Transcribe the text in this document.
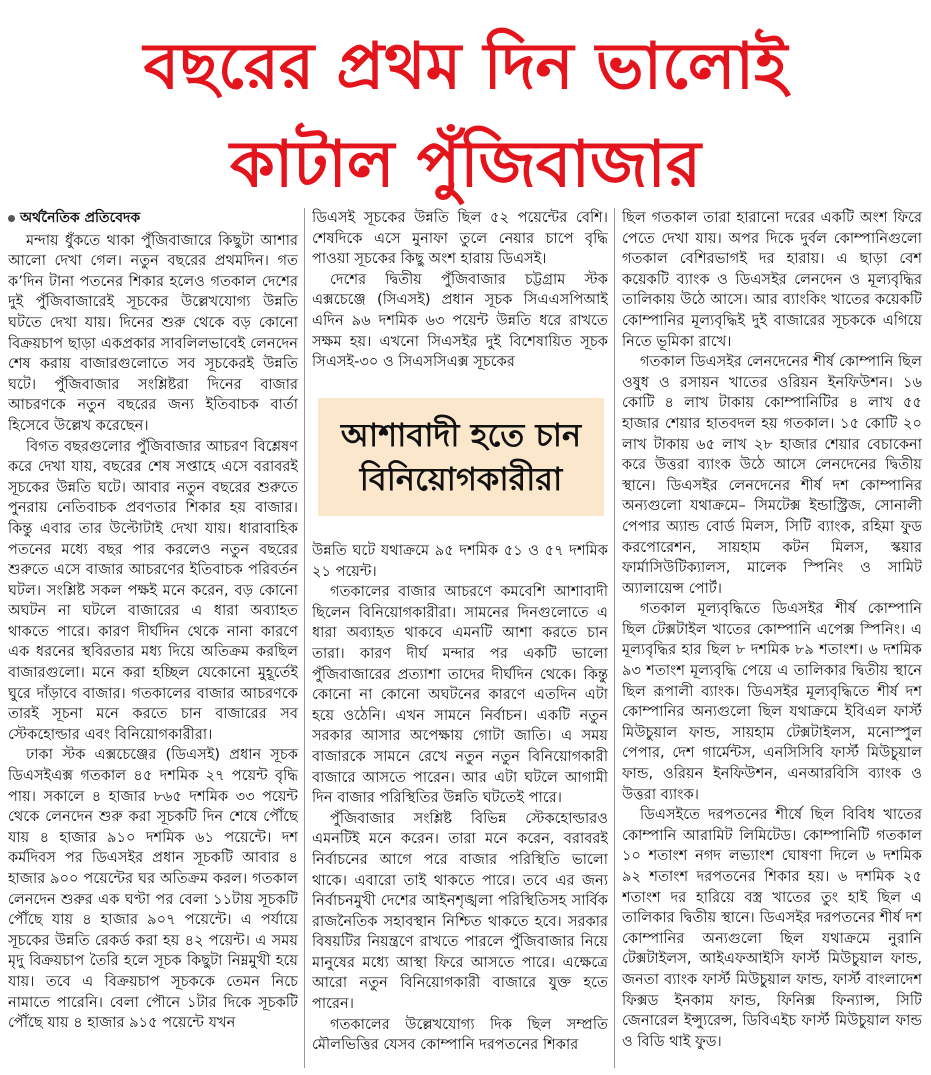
বছরের প্রথম দিন ভালোই
কাটাল পুঁজিবাজার
অর্থনৈতিক প্রতিবেদক

মন্দায় ধুঁকতে থাকা পুঁজিবাজারে কিছুটা আশার আলো দেখা গেল। নতুন বছরের প্রথমদিন। গত ক’দিন টানা পতনের শিকার হলেও গতকাল দেশের দুই পুঁজিবাজারেই সূচকের উল্লেখযোগ্য উন্নতি ঘটতে দেখা যায়। দিনের শুরু থেকে বড় কোনো বিক্রয়চাপ ছাড়া একপ্রকার সাবলিলভাবেই লেনদেন শেষ করায় বাজারগুলোতে সব সূচকেরই উন্নতি ঘটে। পুঁজিবাজার সংশ্লিষ্টরা দিনের বাজার আচরণকে নতুন বছরের জন্য ইতিবাচক বার্তা হিসেবে উল্লেখ করেছেন।

বিগত বছরগুলোর পুঁজিবাজার আচরণ বিশ্লেষণ করে দেখা যায়, বছরের শেষ সপ্তাহে এসে বরাবরই সূচকের উন্নতি ঘটে। আবার নতুন বছরের শুরুতে পুনরায় নেতিবাচক প্রবণতার শিকার হয় বাজার। কিন্তু এবার তার উল্টোটাই দেখা যায়। ধারাবাহিক পতনের মধ্যে বছর পার করলেও নতুন বছরের শুরুতে এসে বাজার আচরণের ইতিবাচক পরিবর্তন ঘটল। সংশ্লিষ্ট সকল পক্ষই মনে করেন, বড় কোনো অঘটন না ঘটলে বাজারের এ ধারা অব্যাহত থাকতে পারে। কারণ দীর্ঘদিন থেকে নানা কারণে এক ধরনের স্থবিরতার মধ্য দিয়ে অতিক্রম করছিল বাজারগুলো। মনে করা হচ্ছিল যেকোনো মুহূর্তেই ঘুরে দাঁড়াবে বাজার। গতকালের বাজার আচরণকে তারই সূচনা মনে করতে চান বাজারের সব স্টেকহোল্ডার এবং বিনিয়োগকারীরা।

ঢাকা স্টক এক্সচেঞ্জের (ডিএসই) প্রধান সূচক ডিএসইএক্স গতকাল ৪৫ দশমিক ২৭ পয়েন্ট বৃদ্ধি পায়। সকালে ৪ হাজার ৮৬৫ দশমিক ৩৩ পয়েন্ট থেকে লেনদেন শুরু করা সূচকটি দিন শেষে পৌঁছে যায় ৪ হাজার ৯১০ দশমিক ৬১ পয়েন্টে। দশ কর্মদিবস পর ডিএসইর প্রধান সূচকটি আবার ৪ হাজার ৯০০ পয়েন্টের ঘর অতিক্রম করল। গতকাল লেনদেন শুরুর এক ঘণ্টা পর বেলা ১১টায় সূচকটি পৌঁছে যায় ৪ হাজার ৯০৭ পয়েন্টে। এ পর্যায়ে সূচকের উন্নতি রেকর্ড করা হয় ৪২ পয়েন্ট। এ সময় মৃদু বিক্রয়চাপ তৈরি হলে সূচক কিছুটা নিম্নমুখী হয়ে যায়। তবে এ বিক্রয়চাপ সূচককে তেমন নিচে নামাতে পারেনি। বেলা পৌনে ১টার দিকে সূচকটি পৌঁছে যায় ৪ হাজার ৯১৫ পয়েন্টে যখন

ডিএসই সূচকের উন্নতি ছিল ৫২ পয়েন্টের বেশি। শেষদিকে এসে মুনাফা তুলে নেয়ার চাপে বৃদ্ধি পাওয়া সূচকের কিছু অংশ হারায় ডিএসই।

দেশের দ্বিতীয় পুঁজিবাজার চট্টগ্রাম স্টক এক্সচেঞ্জে (সিএসই) প্রধান সূচক সিএএসপিআই এদিন ৯৬ দশমিক ৬৩ পয়েন্ট উন্নতি ধরে রাখতে সক্ষম হয়। এখনো সিএসইর দুই বিশেষায়িত সূচক সিএসই-৩০ ও সিএসসিএক্স সূচকের

আশাবাদী হতে চান
বিনিয়োগকারীরা

উন্নতি ঘটে যথাক্রমে ৯৫ দশমিক ৫১ ও ৫৭ দশমিক ২১ পয়েন্ট।

গতকালের বাজার আচরণে কমবেশি আশাবাদী ছিলেন বিনিয়োগকারীরা। সামনের দিনগুলোতে এ ধারা অব্যাহত থাকবে এমনটি আশা করতে চান তারা। কারণ দীর্ঘ মন্দার পর একটি ভালো পুঁজিবাজারের প্রত্যাশা তাদের দীর্ঘদিন থেকে। কিন্তু কোনো না কোনো অঘটনের কারণে এতদিন এটা হয়ে ওঠেনি। এখন সামনে নির্বাচন। একটি নতুন সরকার আসার অপেক্ষায় গোটা জাতি। এ সময় বাজারকে সামনে রেখে নতুন নতুন বিনিয়োগকারী বাজারে আসতে পারেন। আর এটা ঘটলে আগামী দিন বাজার পরিস্থিতির উন্নতি ঘটতেই পারে।

পুঁজিবাজার সংশ্লিষ্ট বিভিন্ন স্টেকহোল্ডারও এমনটিই মনে করেন। তারা মনে করেন, বরাবরই নির্বাচনের আগে পরে বাজার পরিস্থিতি ভালো থাকে। এবারো তাই থাকতে পারে। তবে এর জন্য নির্বাচনমুখী দেশের আইনশৃঙ্খলা পরিস্থিতিসহ সার্বিক রাজনৈতিক সহাবস্থান নিশ্চিত থাকতে হবে। সরকার বিষয়টির নিয়ন্ত্রণে রাখতে পারলে পুঁজিবাজার নিয়ে মানুষের মধ্যে আস্থা ফিরে আসতে পারে। এক্ষেত্রে আরো নতুন বিনিয়োগকারী বাজারে যুক্ত হতে পারেন।

গতকালের উল্লেখযোগ্য দিক ছিল সম্প্রতি মৌলভিত্তির যেসব কোম্পানি দরপতনের শিকার

ছিল গতকাল তারা হারানো দরের একটি অংশ ফিরে পেতে দেখা যায়। অপর দিকে দুর্বল কোম্পানিগুলো গতকাল বেশিরভাগই দর হারায়। এ ছাড়া বেশ কয়েকটি ব্যাংক ও ডিএসইর লেনদেন ও মূল্যবৃদ্ধির তালিকায় উঠে আসে। আর ব্যাংকিং খাতের কয়েকটি কোম্পানির মূল্যবৃদ্ধিই দুই বাজারের সূচককে এগিয়ে নিতে ভূমিকা রাখে।

গতকাল ডিএসইর লেনদেনের শীর্ষ কোম্পানি ছিল ওষুধ ও রসায়ন খাতের ওরিয়ন ইনফিউশন। ১৬ কোটি ৪ লাখ টাকায় কোম্পানিটির ৪ লাখ ৫৫ হাজার শেয়ার হাতবদল হয় গতকাল। ১৫ কোটি ২০ লাখ টাকায় ৬৫ লাখ ২৮ হাজার শেয়ার বেচাকেনা করে উত্তরা ব্যাংক উঠে আসে লেনদেনের দ্বিতীয় স্থানে। ডিএসইর লেনদেনের শীর্ষ দশ কোম্পানির অন্যগুলো যথাক্রমে– সিমটেক্স ইন্ডাস্ট্রিজ, সোনালী পেপার অ্যান্ড বোর্ড মিলস, সিটি ব্যাংক, রহিমা ফুড করপোরেশন, সায়হাম কটন মিলস, স্কয়ার ফার্মাসিউটিক্যালস, মালেক স্পিনিং ও সামিট অ্যালায়েন্স পোর্ট।

গতকাল মূল্যবৃদ্ধিতে ডিএসইর শীর্ষ কোম্পানি ছিল টেক্সটাইল খাতের কোম্পানি এপেক্স স্পিনিং। এ মূল্যবৃদ্ধির হার ছিল ৮ দশমিক ৮৯ শতাংশ। ৬ দশমিক ৯৩ শতাংশ মূল্যবৃদ্ধি পেয়ে এ তালিকার দ্বিতীয় স্থানে ছিল রূপালী ব্যাংক। ডিএসইর মূল্যবৃদ্ধিতে শীর্ষ দশ কোম্পানির অন্যগুলো ছিল যথাক্রমে ইবিএল ফার্স্ট মিউচুয়াল ফান্ড, সায়হাম টেক্সটাইলস, মনোস্পুল পেপার, দেশ গার্মেন্টস, এনসিসিবি ফার্স্ট মিউচুয়াল ফান্ড, ওরিয়ন ইনফিউশন, এনআরবিসি ব্যাংক ও উত্তরা ব্যাংক।

ডিএসইতে দরপতনের শীর্ষে ছিল বিবিধ খাতের কোম্পানি আরামিট লিমিটেড। কোম্পানিটি গতকাল ১০ শতাংশ নগদ লভ্যাংশ ঘোষণা দিলে ৬ দশমিক ৯২ শতাংশ দরপতনের শিকার হয়। ৬ দশমিক ২৫ শতাংশ দর হারিয়ে বস্ত্র খাতের তুং হাই ছিল এ তালিকার দ্বিতীয় স্থানে। ডিএসইর দরপতনের শীর্ষ দশ কোম্পানির অন্যগুলো ছিল যথাক্রমে নুরানি টেক্সটাইলস, আইএফআইসি ফার্স্ট মিউচুয়াল ফান্ড, জনতা ব্যাংক ফার্স্ট মিউচুয়াল ফান্ড, ফার্স্ট বাংলাদেশ ফিক্সড ইনকাম ফান্ড, ফিনিক্স ফিন্যান্স, সিটি জেনারেল ইন্স্যুরেন্স, ডিবিএইচ ফার্স্ট মিউচুয়াল ফান্ড ও বিডি থাই ফুড।
